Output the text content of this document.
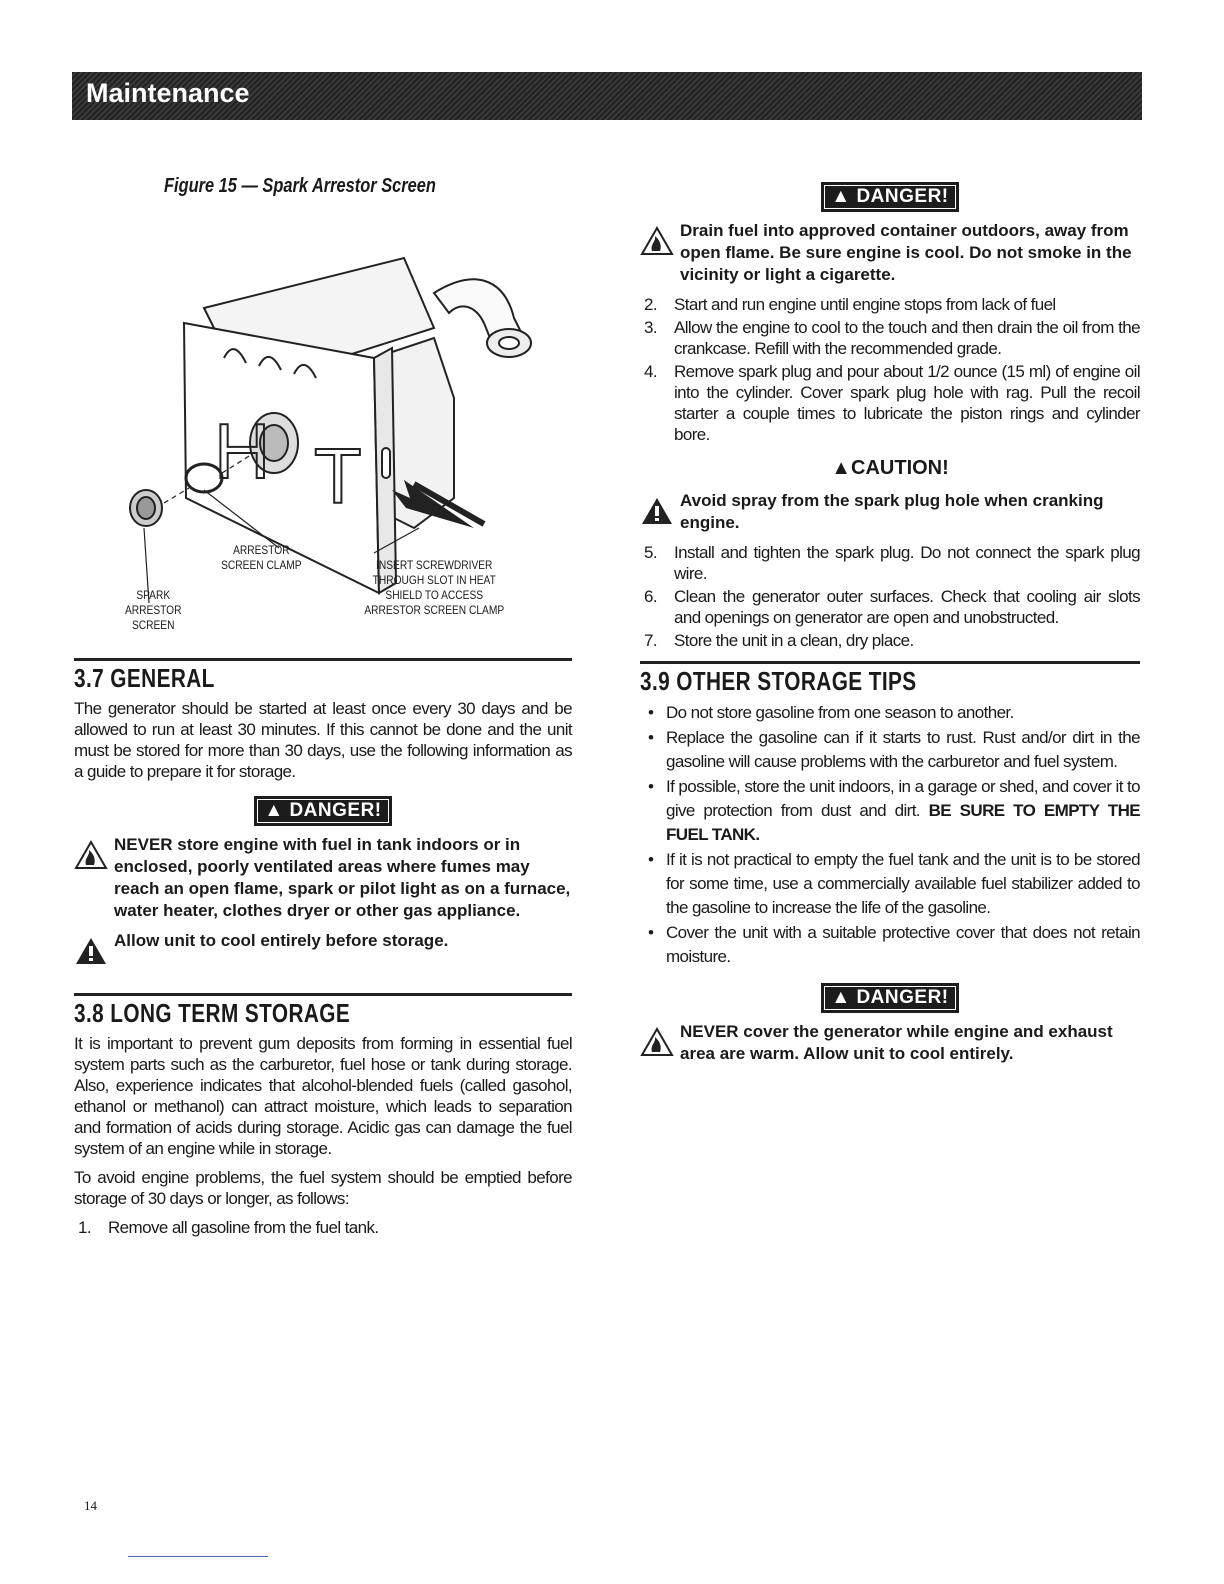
Maintenance
Figure 15 — Spark Arrestor Screen
H T
ARRESTOR
SCREEN CLAMP	INSERT SCREWDRIVER
THROUGH SLOT IN HEAT
SHIELD TO ACCESS
ARRESTOR SCREEN CLAMP
SPARK
ARRESTOR
SCREEN
3.7 GENERAL

The generator should be started at least once every 30 days and be allowed to run at least 30 minutes. If this cannot be done and the unit must be stored for more than 30 days, use the following information as a guide to prepare it for storage.

▲ DANGER!
NEVER store engine with fuel in tank indoors or in enclosed, poorly ventilated areas where fumes may reach an open flame, spark or pilot light as on a furnace, water heater, clothes dryer or other gas appliance.
Allow unit to cool entirely before storage.
3.8 LONG TERM STORAGE

It is important to prevent gum deposits from forming in essential fuel system parts such as the carburetor, fuel hose or tank during storage. Also, experience indicates that alcohol-blended fuels (called gasohol, ethanol or methanol) can attract moisture, which leads to separation and formation of acids during storage. Acidic gas can damage the fuel system of an engine while in storage.

To avoid engine problems, the fuel system should be emptied before storage of 30 days or longer, as follows:

1. Remove all gasoline from the fuel tank.
▲ DANGER!
Drain fuel into approved container outdoors, away from open flame. Be sure engine is cool. Do not smoke in the vicinity or light a cigarette.
2. Start and run engine until engine stops from lack of fuel
3. Allow the engine to cool to the touch and then drain the oil from the crankcase. Refill with the recommended grade.
4. Remove spark plug and pour about 1/2 ounce (15 ml) of engine oil into the cylinder. Cover spark plug hole with rag. Pull the recoil starter a couple times to lubricate the piston rings and cylinder bore.
▲CAUTION!
Avoid spray from the spark plug hole when cranking engine.
5. Install and tighten the spark plug. Do not connect the spark plug wire.
6. Clean the generator outer surfaces. Check that cooling air slots and openings on generator are open and unobstructed.
7. Store the unit in a clean, dry place.
3.9 OTHER STORAGE TIPS
• Do not store gasoline from one season to another.
• Replace the gasoline can if it starts to rust. Rust and/or dirt in the gasoline will cause problems with the carburetor and fuel system.
• If possible, store the unit indoors, in a garage or shed, and cover it to give protection from dust and dirt. BE SURE TO EMPTY THE FUEL TANK.
• If it is not practical to empty the fuel tank and the unit is to be stored for some time, use a commercially available fuel stabilizer added to the gasoline to increase the life of the gasoline.
• Cover the unit with a suitable protective cover that does not retain moisture.
▲ DANGER!
NEVER cover the generator while engine and exhaust area are warm. Allow unit to cool entirely.
14
